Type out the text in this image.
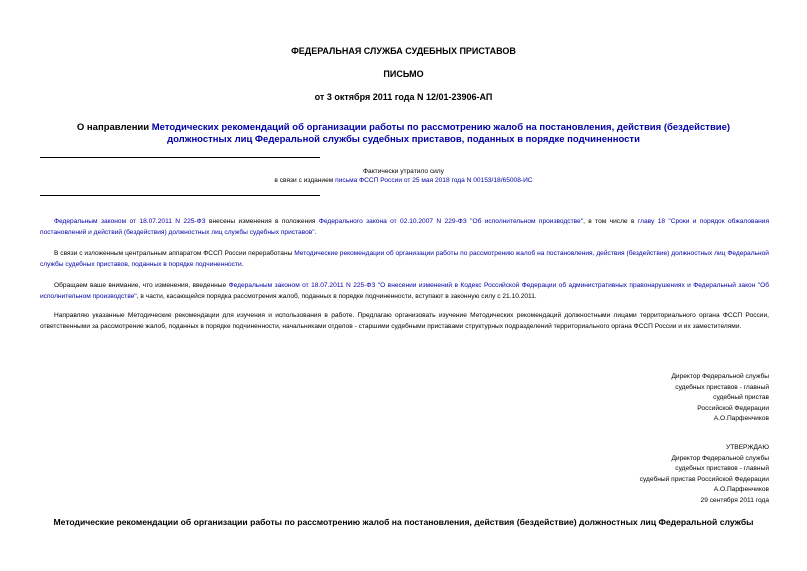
ФЕДЕРАЛЬНАЯ СЛУЖБА СУДЕБНЫХ ПРИСТАВОВ
ПИСЬМО
от 3 октября 2011 года N 12/01-23906-АП
О направлении Методических рекомендаций об организации работы по рассмотрению жалоб на постановления, действия (бездействие) должностных лиц Федеральной службы судебных приставов, поданных в порядке подчиненности
Фактически утратило силу
в связи с изданием письма ФССП России от 25 мая 2018 года N 00153/18/65008-ИС

Федеральным законом от 18.07.2011 N 225-ФЗ внесены изменения в положения Федерального закона от 02.10.2007 N 229-ФЗ "Об исполнительном производстве", в том числе в главу 18 "Сроки и порядок обжалования постановлений и действий (бездействия) должностных лиц службы судебных приставов".

В связи с изложенным центральным аппаратом ФССП России переработаны Методические рекомендации об организации работы по рассмотрению жалоб на постановления, действия (бездействие) должностных лиц Федеральной службы судебных приставов, поданных в порядке подчиненности.

Обращаем ваше внимание, что изменения, введенные Федеральным законом от 18.07.2011 N 225-ФЗ "О внесении изменений в Кодекс Российской Федерации об административных правонарушениях и Федеральный закон "Об исполнительном производстве", в части, касающейся порядка рассмотрения жалоб, поданных в порядке подчиненности, вступают в законную силу с 21.10.2011.

Направляю указанные Методические рекомендации для изучения и использования в работе. Предлагаю организовать изучение Методических рекомендаций должностными лицами территориального органа ФССП России, ответственными за рассмотрение жалоб, поданных в порядке подчиненности, начальниками отделов - старшими судебными приставами структурных подразделений территориального органа ФССП России и их заместителями.

Директор Федеральной службы
судебных приставов - главный
судебный пристав
Российской Федерации
А.О.Парфенчиков
УТВЕРЖДАЮ
Директор Федеральной службы
судебных приставов - главный
судебный пристав Российской Федерации
А.О.Парфенчиков
29 сентября 2011 года
Методические рекомендации об организации работы по рассмотрению жалоб на постановления, действия (бездействие) должностных лиц Федеральной службы
